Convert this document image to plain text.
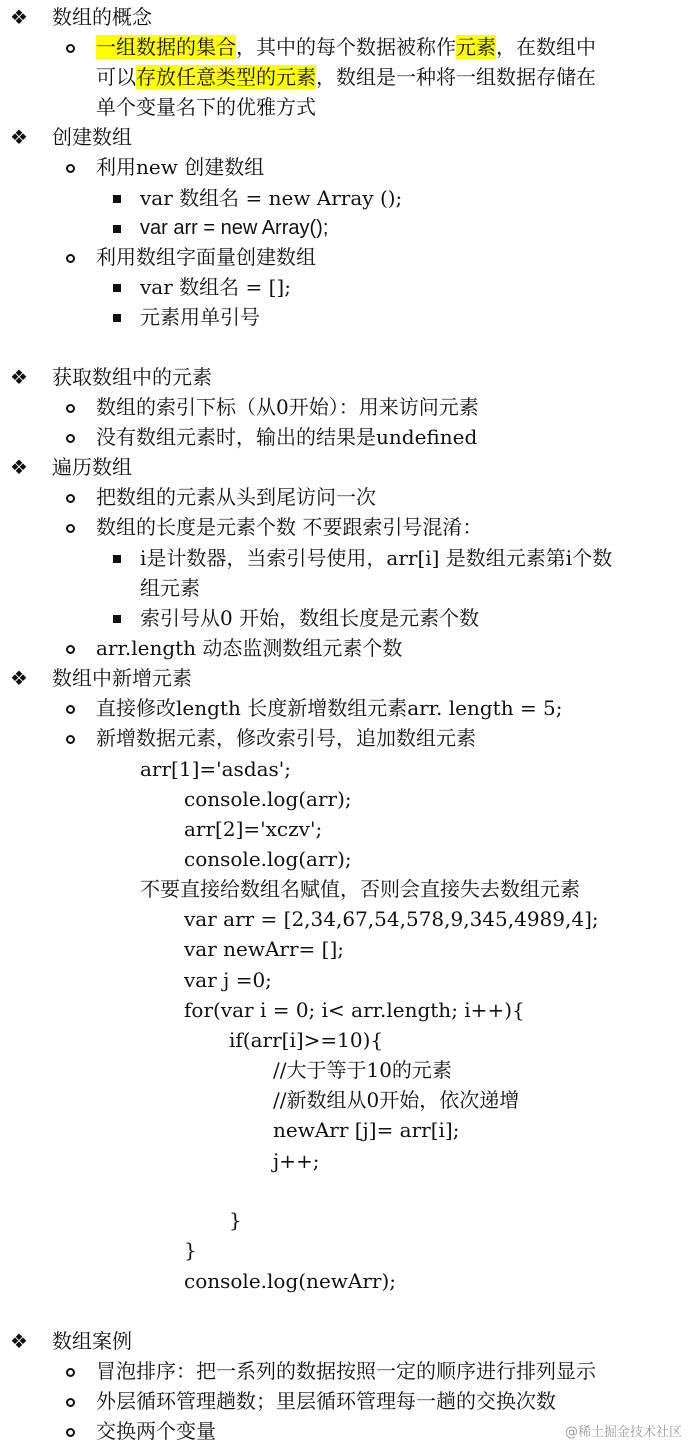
❖ 数组的概念
一组数据的集合，其中的每个数据被称作元素，在数组中
可以存放任意类型的元素，数组是一种将一组数据存储在
单个变量名下的优雅方式
❖ 创建数组
利用new 创建数组
var 数组名 = new Array ();
var arr = new Array();
利用数组字面量创建数组
var 数组名 = [];
元素用单引号
❖ 获取数组中的元素
数组的索引下标（从0开始）：用来访问元素
没有数组元素时，输出的结果是undefined
❖ 遍历数组
把数组的元素从头到尾访问一次
数组的长度是元素个数 不要跟索引号混淆：
i是计数器，当索引号使用，arr[i] 是数组元素第i个数
组元素
索引号从0 开始，数组长度是元素个数
arr.length 动态监测数组元素个数
❖ 数组中新增元素
直接修改length 长度新增数组元素arr. length = 5;
新增数据元素，修改索引号，追加数组元素
arr[1]='asdas';
console.log(arr);
arr[2]='xczv';
console.log(arr);
不要直接给数组名赋值，否则会直接失去数组元素
var arr = [2,34,67,54,578,9,345,4989,4];
var newArr= [];
var j =0;
for(var i = 0; i< arr.length; i++){
if(arr[i]>=10){
//大于等于10的元素
//新数组从0开始，依次递增
newArr [j]= arr[i];
j++;
}
}
console.log(newArr);
❖ 数组案例
冒泡排序：把一系列的数据按照一定的顺序进行排列显示
外层循环管理趟数；里层循环管理每一趟的交换次数
交换两个变量	@稀土掘金技术社区
